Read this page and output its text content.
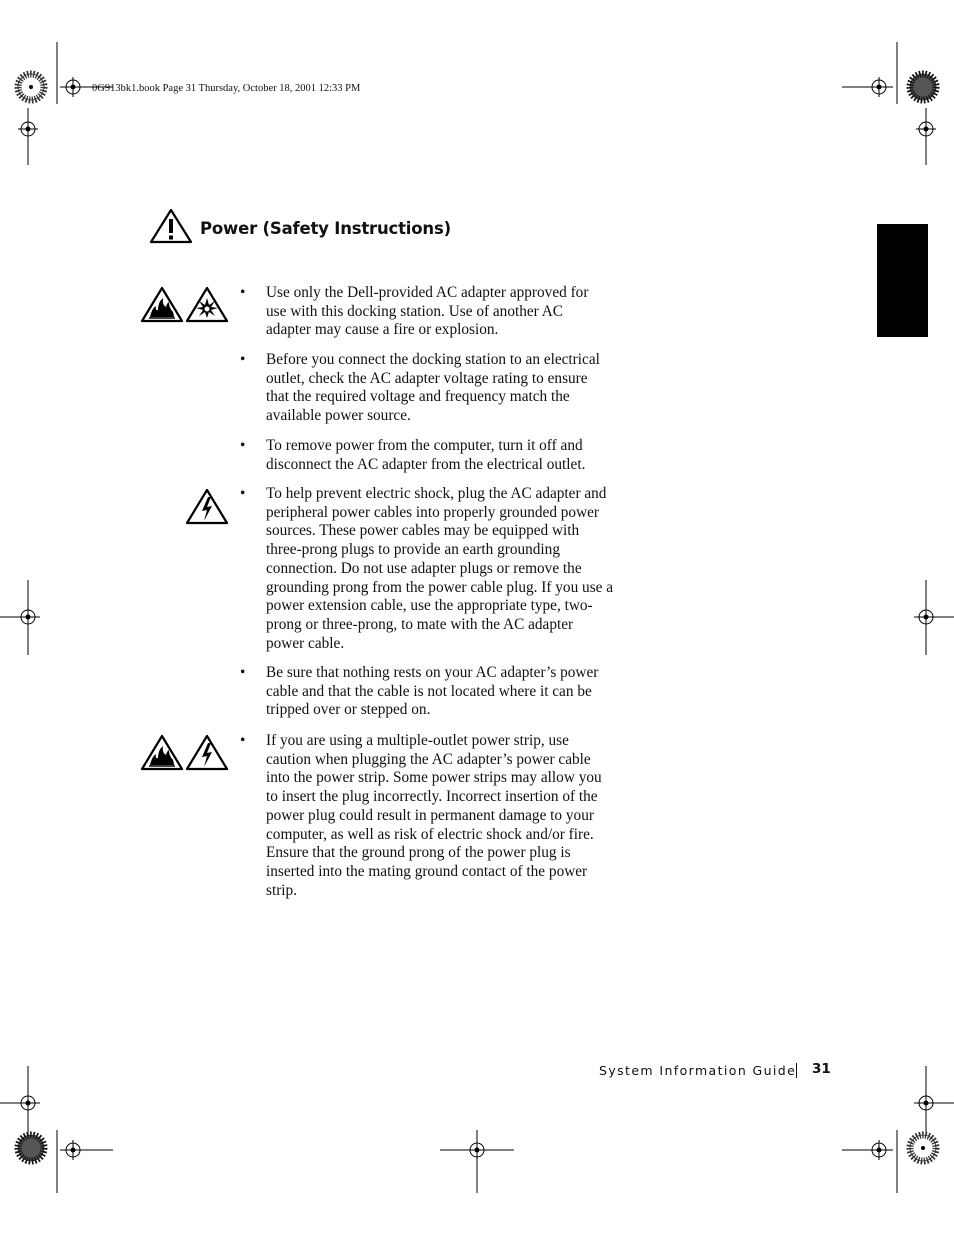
0G913bk1.book Page 31 Thursday, October 18, 2001 12:33 PM
Power (Safety Instructions)
• Use only the Dell-provided AC adapter approved for
use with this docking station. Use of another AC
adapter may cause a fire or explosion.
• Before you connect the docking station to an electrical
outlet, check the AC adapter voltage rating to ensure
that the required voltage and frequency match the
available power source.
• To remove power from the computer, turn it off and
disconnect the AC adapter from the electrical outlet.
• To help prevent electric shock, plug the AC adapter and
peripheral power cables into properly grounded power
sources. These power cables may be equipped with
three-prong plugs to provide an earth grounding
connection. Do not use adapter plugs or remove the
grounding prong from the power cable plug. If you use a
power extension cable, use the appropriate type, two-
prong or three-prong, to mate with the AC adapter
power cable.
• Be sure that nothing rests on your AC adapter’s power
cable and that the cable is not located where it can be
tripped over or stepped on.
• If you are using a multiple-outlet power strip, use
caution when plugging the AC adapter’s power cable
into the power strip. Some power strips may allow you
to insert the plug incorrectly. Incorrect insertion of the
power plug could result in permanent damage to your
computer, as well as risk of electric shock and/or fire.
Ensure that the ground prong of the power plug is
inserted into the mating ground contact of the power
strip.
System Information Guide 31
